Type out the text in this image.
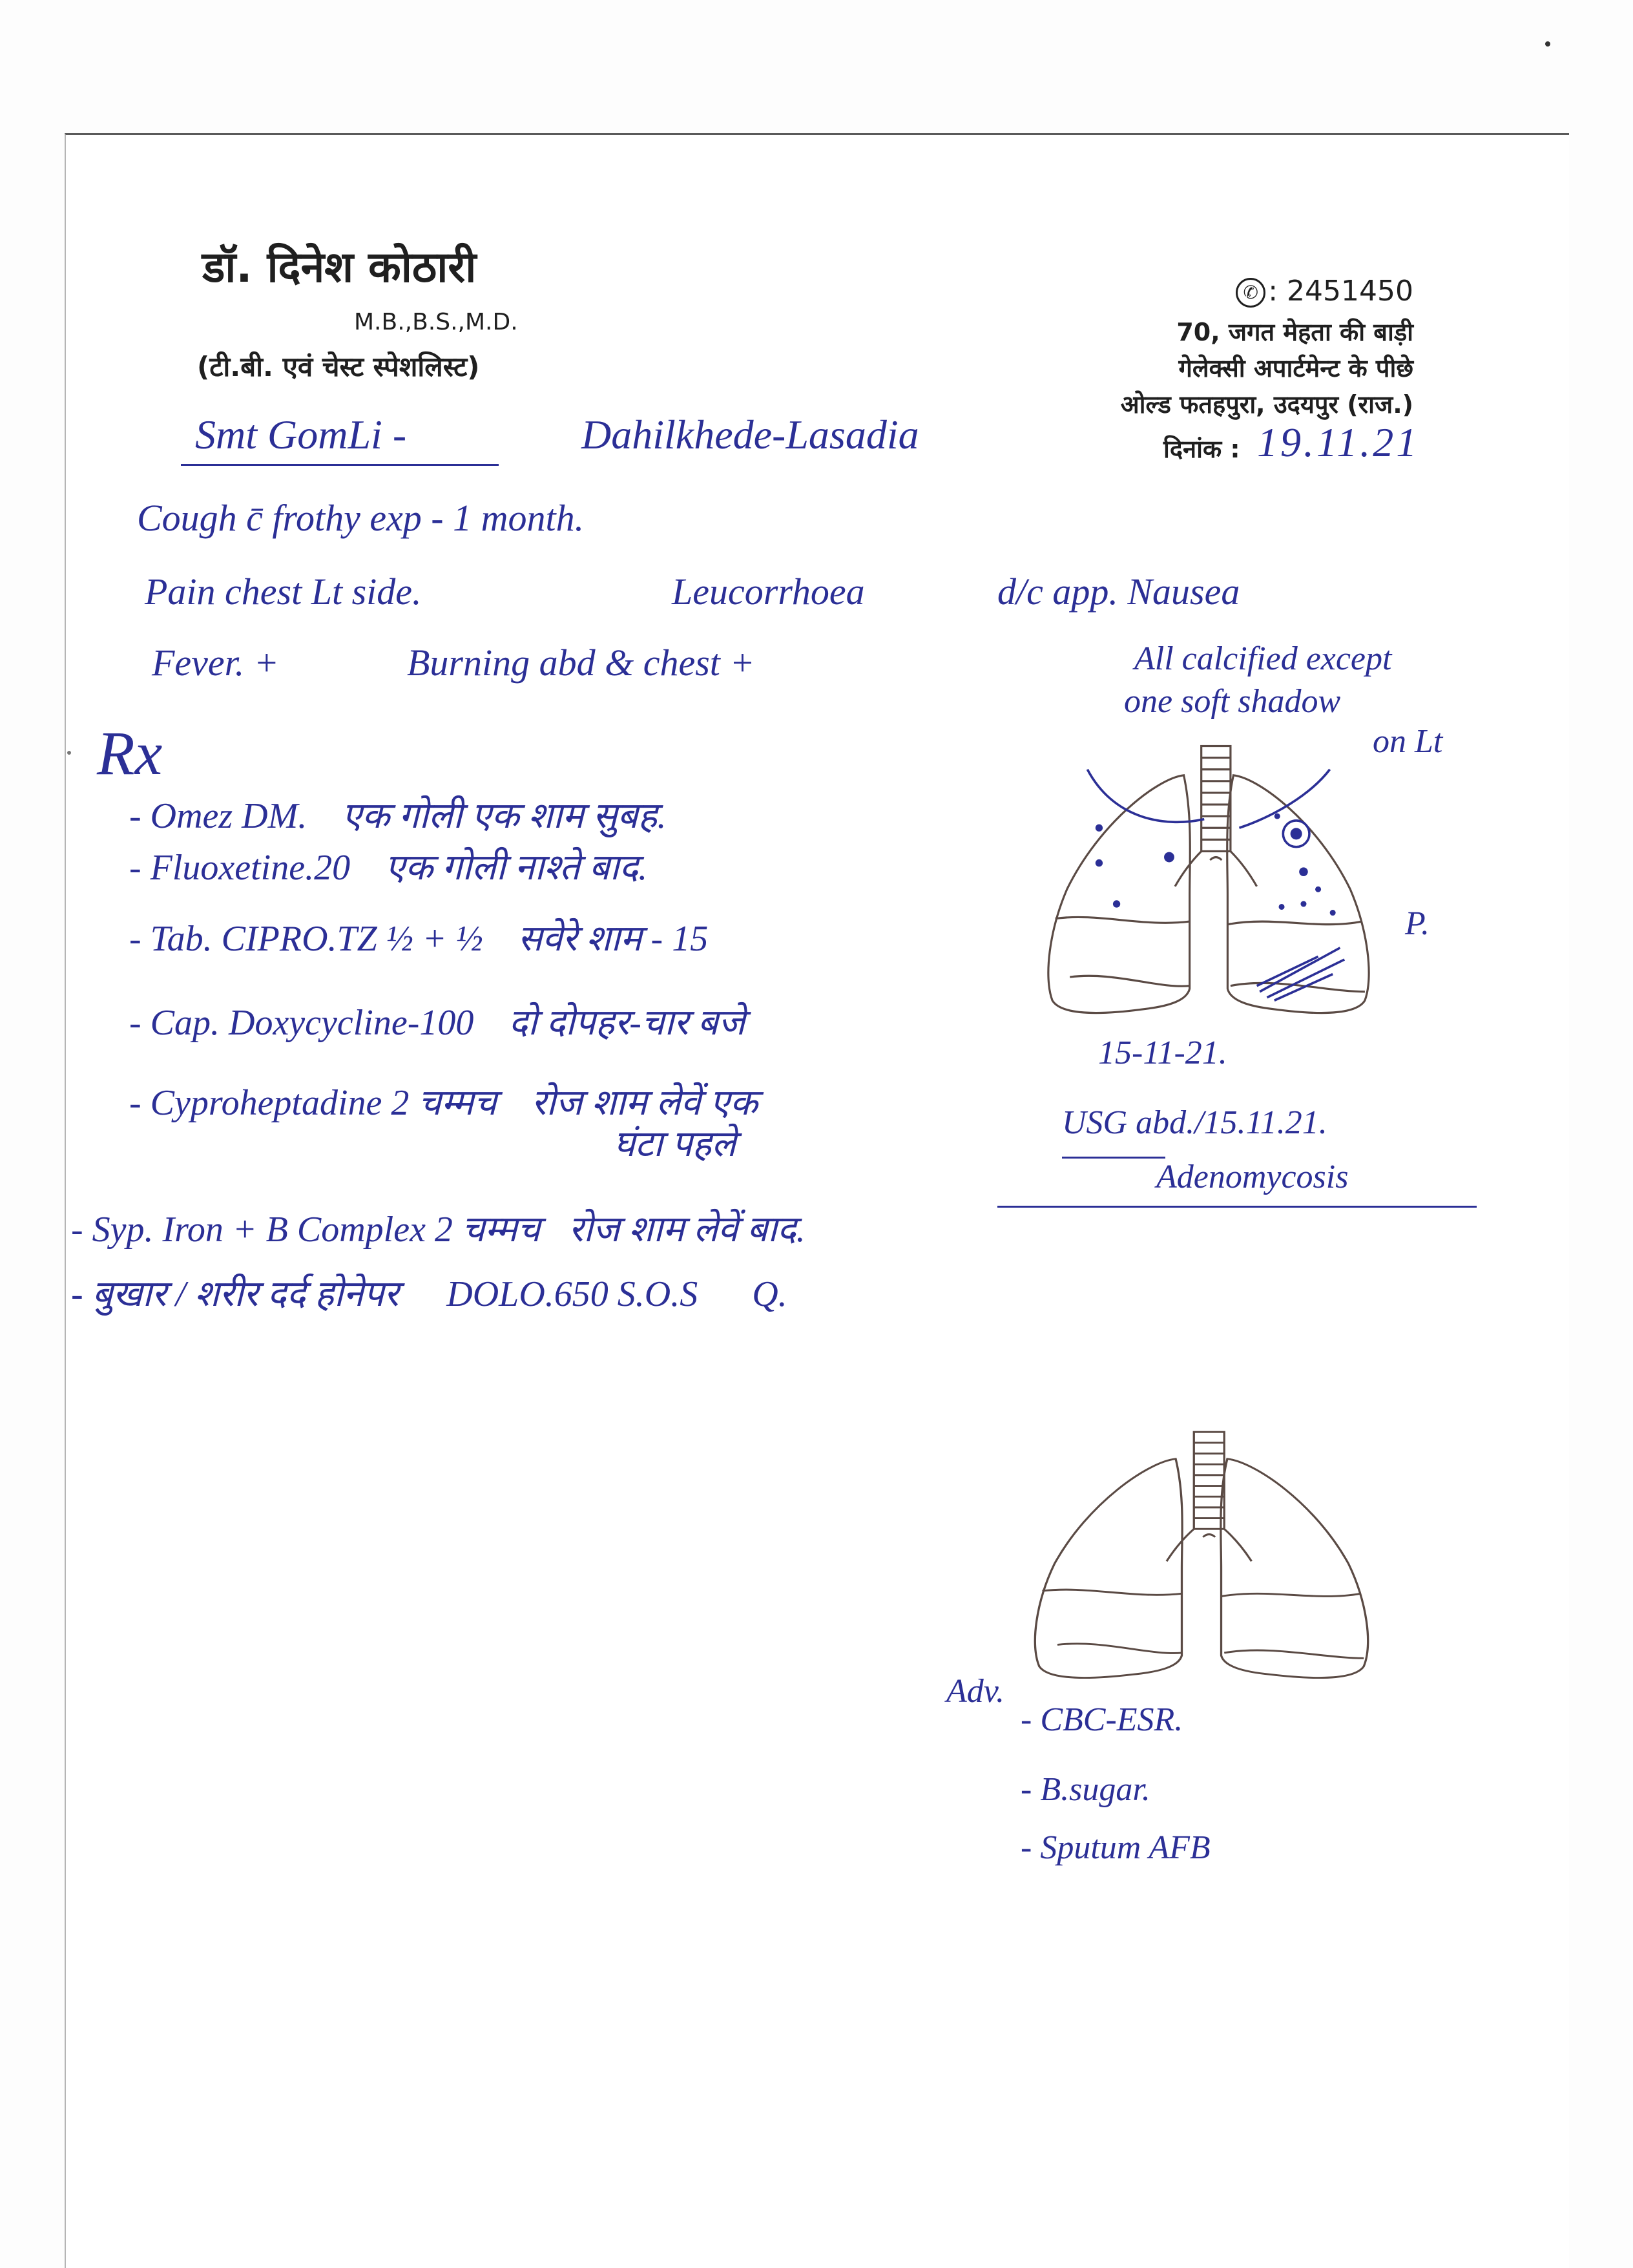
डॉ. दिनेश कोठारी
M.B.,B.S.,M.D.
(टी.बी. एवं चेस्ट स्पेशलिस्ट)
✆: 2451450
70, जगत मेहता की बाड़ी
गेलेक्सी अपार्टमेन्ट के पीछे
ओल्ड फतहपुरा, उदयपुर (राज.)
दिनांक : 19.11.21
Smt GomLi -	Dahilkhede-Lasadia
Cough c̄ frothy exp - 1 month.
Pain chest Lt side.	Leucorrhoea	d/c app. Nausea
Fever. +	Burning abd & chest +	All calcified except
one soft shadow
on Lt
Rx
- Omez DM. एक गोली एक शाम सुबह.
- Fluoxetine.20 एक गोली नाश्ते बाद.
- Tab. CIPRO.TZ ½ + ½ सवेरे शाम - 15
- Cap. Doxycycline-100 दो दोपहर-चार बजे
- Cyproheptadine 2 चम्मच रोज शाम लेवें एक
घंटा पहले
- Syp. Iron + B Complex 2 चम्मच रोज शाम लेवें बाद.
- बुखार / शरीर दर्द होनेपर DOLO.650 S.O.S Q.
P.
15-11-21.
USG abd./15.11.21.
Adenomycosis
Adv.
- CBC-ESR.
- B.sugar.
- Sputum AFB
